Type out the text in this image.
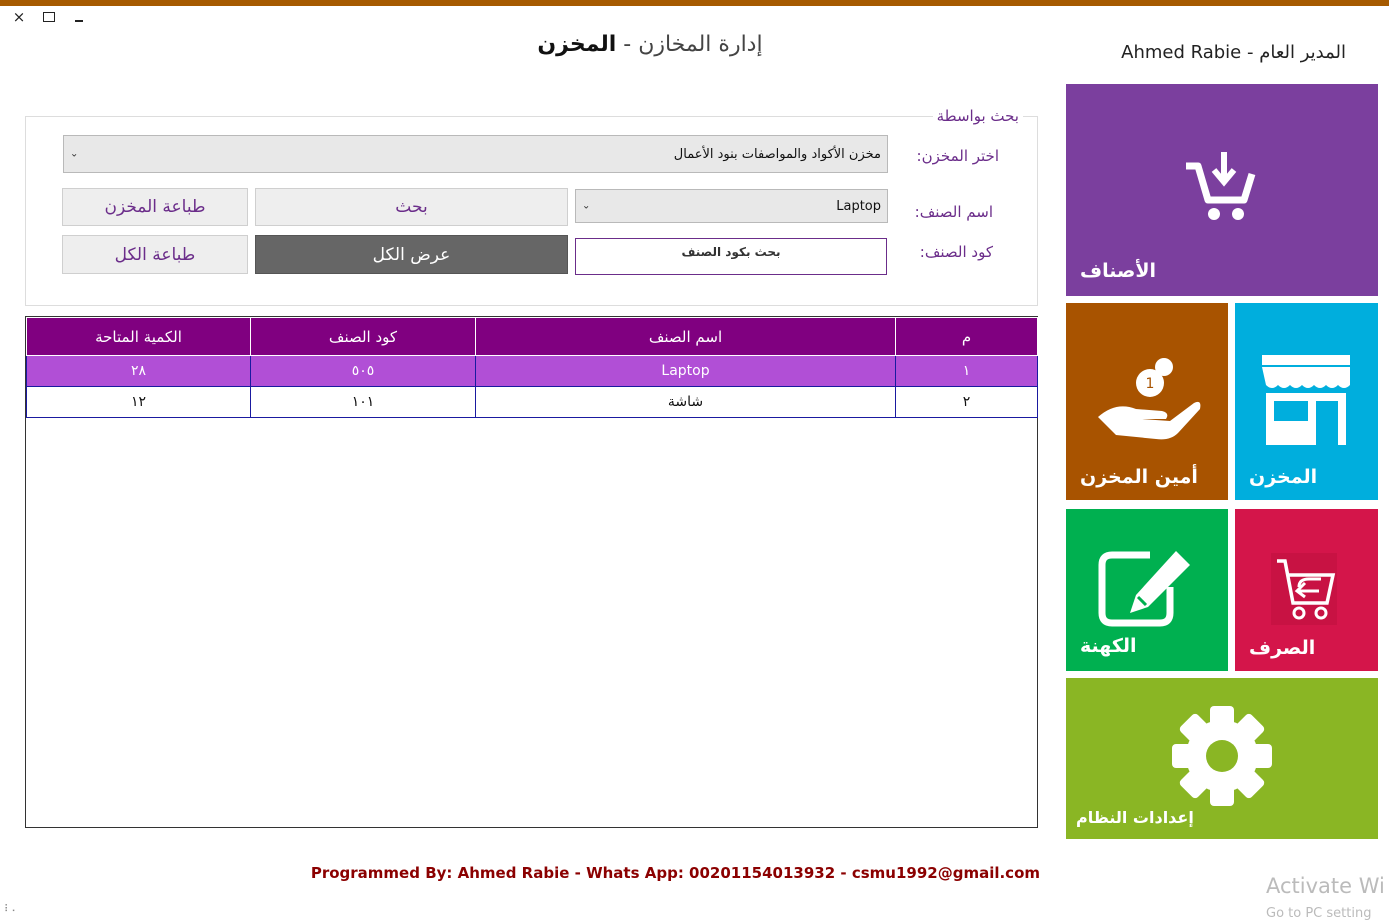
×
إدارة المخازن - المخزن	Ahmed Rabie - المدير العام
بحث بواسطة
اختر المخزن:
مخزن الأكواد والمواصفات بنود الأعمال
⌄
اسم الصنف:
Laptop
⌄
كود الصنف:
بحث بكود الصنف
بحث
عرض الكل
طباعة المخزن
طباعة الكل
الكمية المتاحة	كود الصنف	اسم الصنف	م
٢٨	٥٠٥	Laptop	١
١٢	١٠١	شاشة	٢
الأصناف
المخزن
1
أمين المخزن
الصرف
الكهنة
إعدادات النظام
Programmed By: Ahmed Rabie - Whats App: 00201154013932 - csmu1992@gmail.com
Activate Wi
Go to PC setting
⠇⠄
